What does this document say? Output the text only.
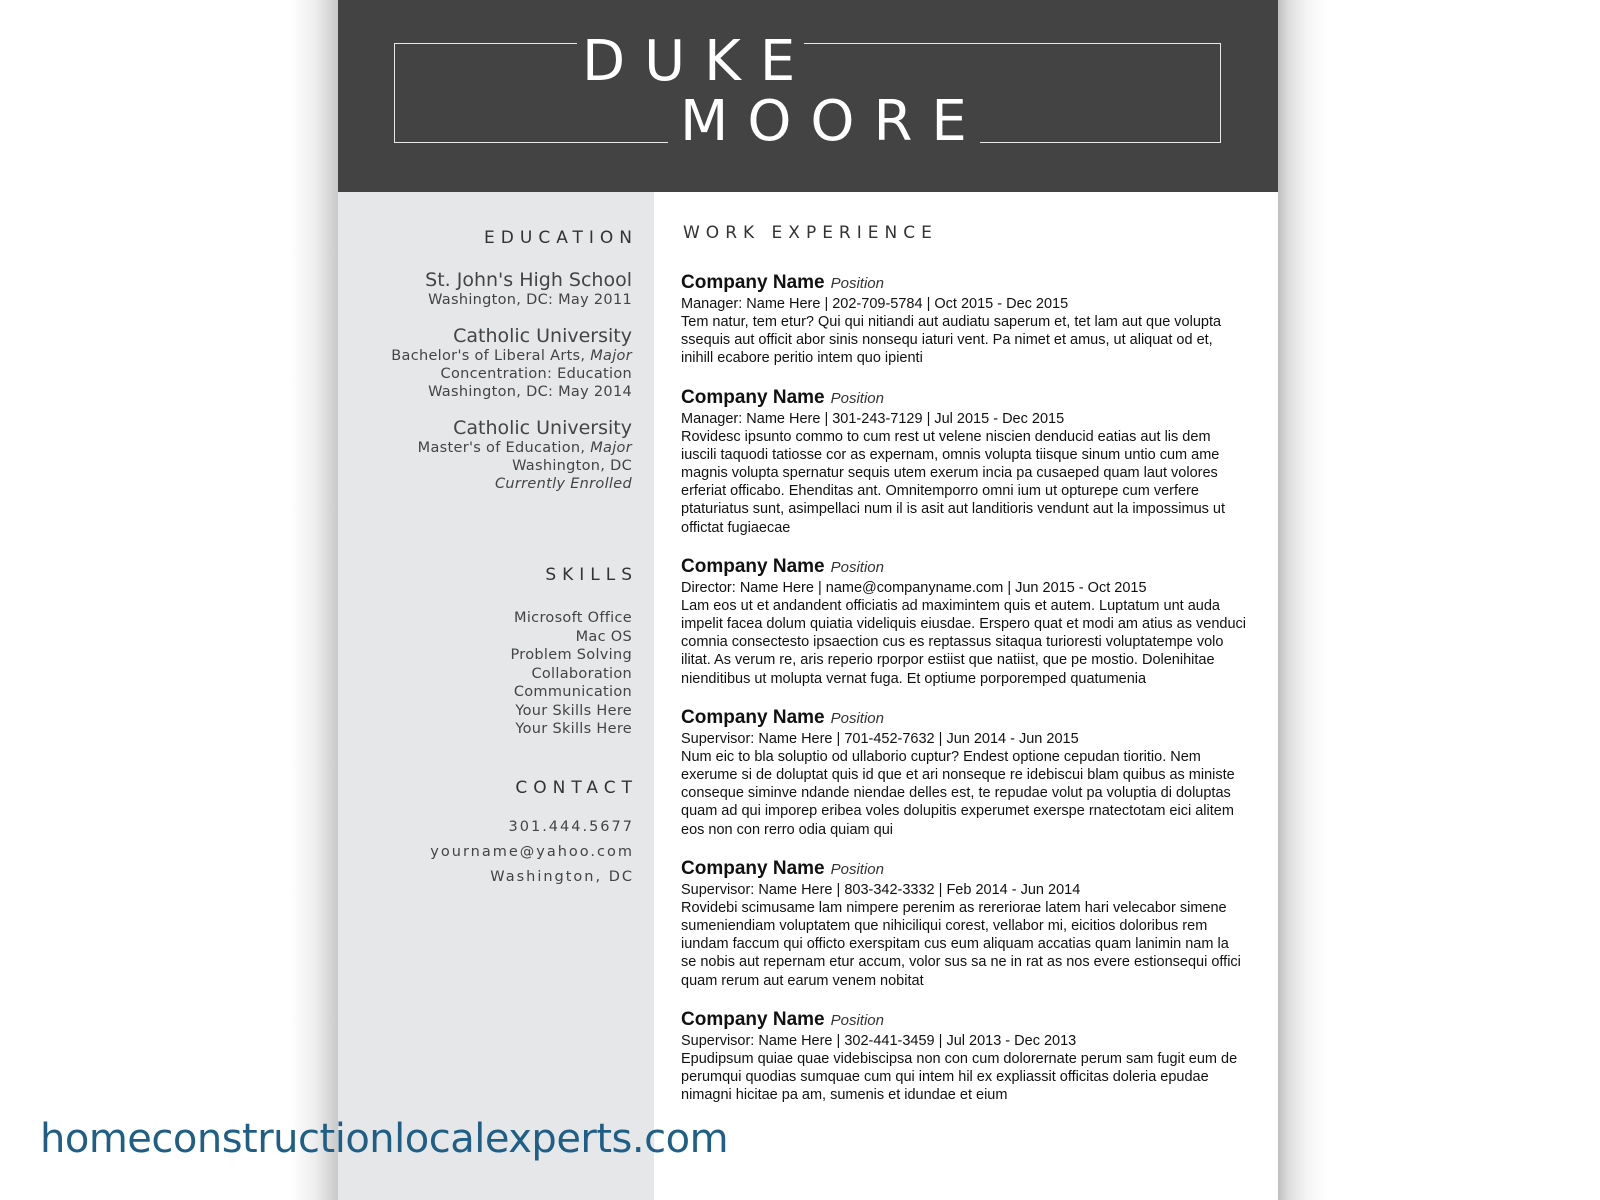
DUKE
MOORE
EDUCATION
St. John's High School
Washington, DC: May 2011
Catholic University
Bachelor's of Liberal Arts, Major
Concentration: Education
Washington, DC: May 2014
Catholic University
Master's of Education, Major
Washington, DC
Currently Enrolled
SKILLS
Microsoft Office
Mac OS
Problem Solving
Collaboration
Communication
Your Skills Here
Your Skills Here
CONTACT
301.444.5677
yourname@yahoo.com
Washington, DC
WORK EXPERIENCE
Company Name Position
Manager: Name Here | 202-709-5784 | Oct 2015 - Dec 2015
Tem natur, tem etur? Qui qui nitiandi aut audiatu saperum et, tet lam aut que volupta ssequis aut officit abor sinis nonsequ iaturi vent. Pa nimet et amus, ut aliquat od et, inihill ecabore peritio intem quo ipienti
Company Name Position
Manager: Name Here | 301-243-7129 | Jul 2015 - Dec 2015
Rovidesc ipsunto commo to cum rest ut velene niscien denducid eatias aut lis dem iuscili taquodi tatiosse cor as expernam, omnis volupta tiisque sinum untio cum ame magnis volupta spernatur sequis utem exerum incia pa cusaeped quam laut volores erferiat officabo. Ehenditas ant. Omnitemporro omni ium ut opturepe cum verfere ptaturiatus sunt, asimpellaci num il is asit aut landitioris vendunt aut la impossimus ut offictat fugiaecae
Company Name Position
Director: Name Here | name@companyname.com | Jun 2015 - Oct 2015
Lam eos ut et andandent officiatis ad maximintem quis et autem. Luptatum unt auda impelit facea dolum quiatia videliquis eiusdae. Erspero quat et modi am atius as venduci comnia consectesto ipsaection cus es reptassus sitaqua turioresti voluptatempe volo ilitat. As verum re, aris reperio rporpor estiist que natiist, que pe mostio. Dolenihitae nienditibus ut molupta vernat fuga. Et optiume porporemped quatumenia
Company Name Position
Supervisor: Name Here | 701-452-7632 | Jun 2014 - Jun 2015
Num eic to bla soluptio od ullaborio cuptur? Endest optione cepudan tioritio. Nem exerume si de doluptat quis id que et ari nonseque re idebiscui blam quibus as ministe conseque siminve ndande niendae delles est, te repudae volut pa voluptia di doluptas quam ad qui imporep eribea voles dolupitis experumet exerspe rnatectotam eici alitem eos non con rerro odia quiam qui
Company Name Position
Supervisor: Name Here | 803-342-3332 | Feb 2014 - Jun 2014
Rovidebi scimusame lam nimpere perenim as rereriorae latem hari velecabor simene sumeniendiam voluptatem que nihiciliqui corest, vellabor mi, eicitios doloribus rem iundam faccum qui officto exerspitam cus eum aliquam accatias quam lanimin nam la se nobis aut repernam etur accum, volor sus sa ne in rat as nos evere estionsequi offici quam rerum aut earum venem nobitat
Company Name Position
Supervisor: Name Here | 302-441-3459 | Jul 2013 - Dec 2013
Epudipsum quiae quae videbiscipsa non con cum dolorernate perum sam fugit eum de perumqui quodias sumquae cum qui intem hil ex expliassit officitas doleria epudae nimagni hicitae pa am, sumenis et idundae et eium
homeconstructionlocalexperts.com
